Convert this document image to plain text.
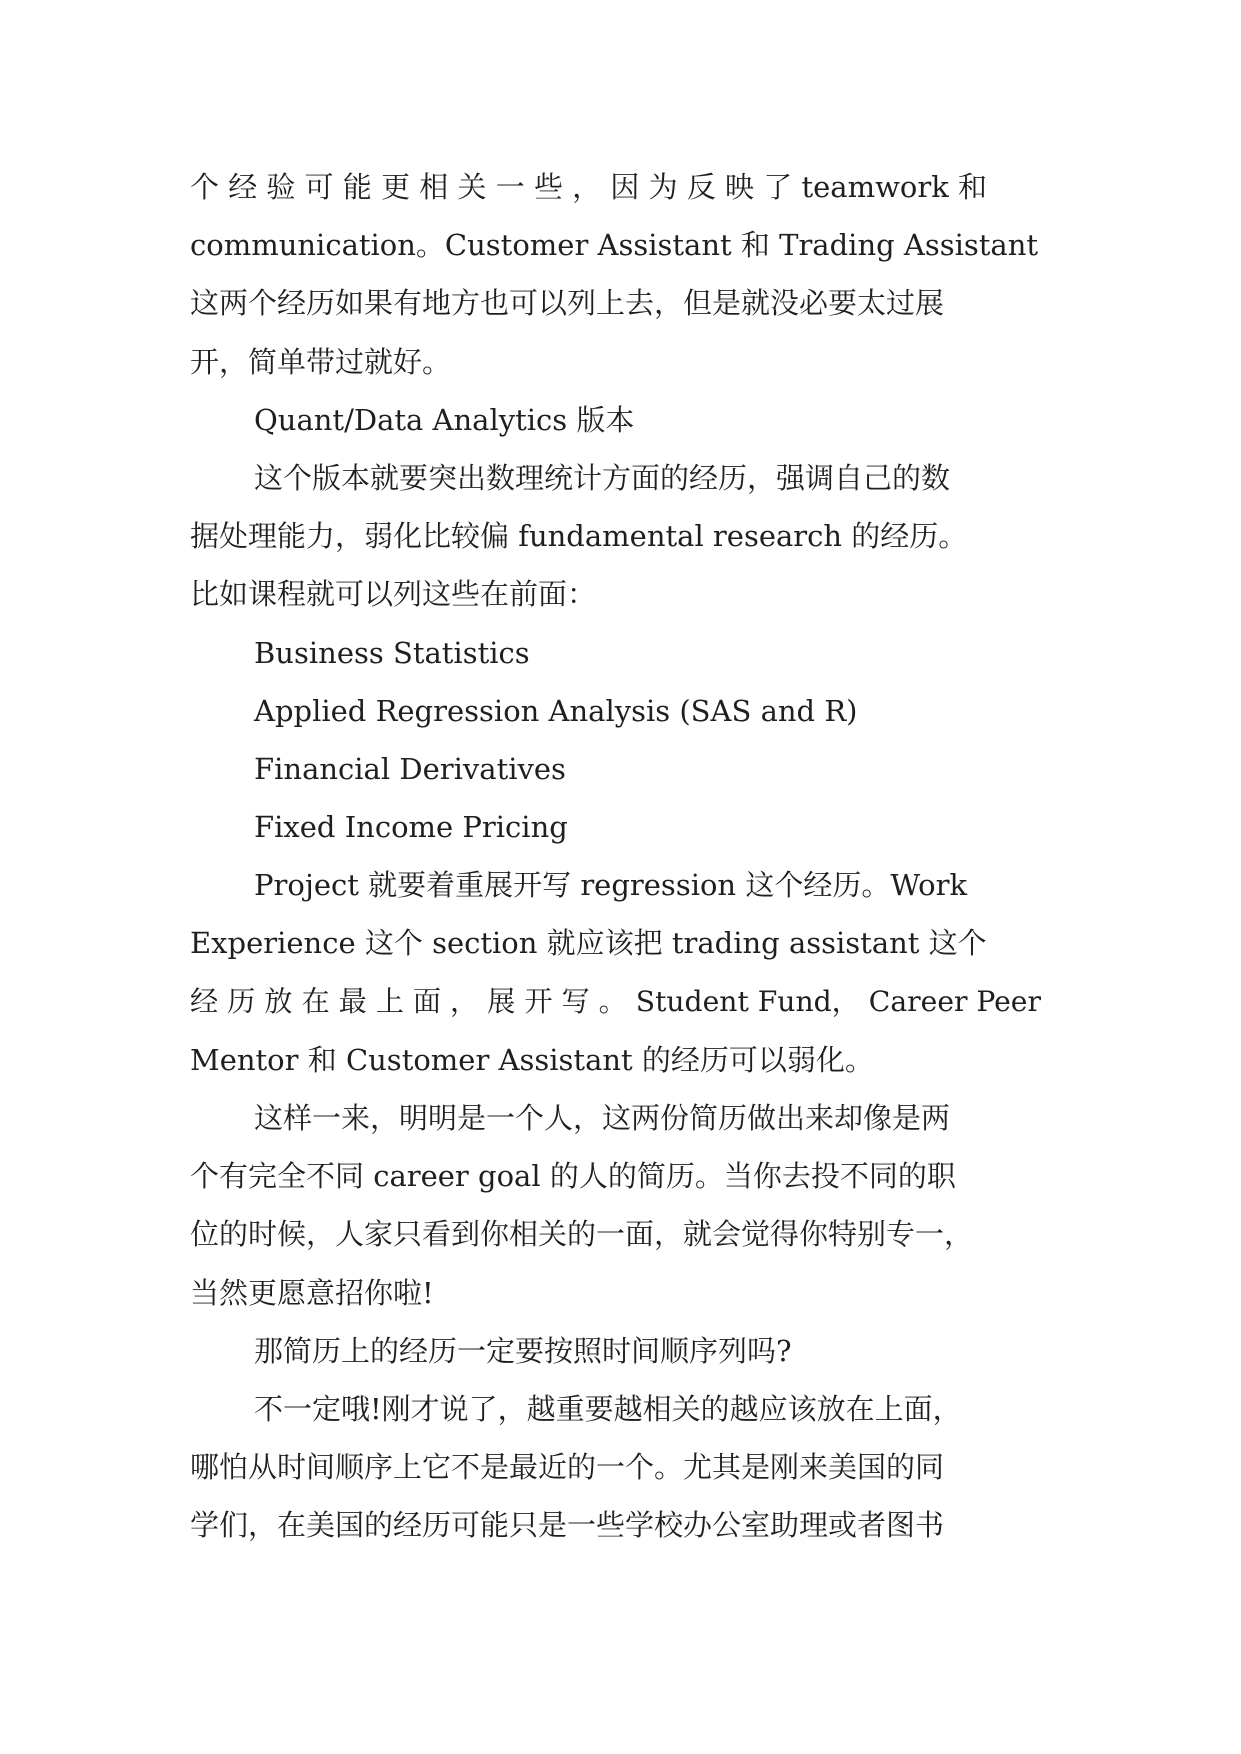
个 经 验 可 能 更 相 关 一 些 ， 因 为 反 映 了 teamwork 和
communication。Customer Assistant 和 Trading Assistant
这两个经历如果有地方也可以列上去，但是就没必要太过展
开，简单带过就好。
Quant/Data Analytics 版本
这个版本就要突出数理统计方面的经历，强调自己的数
据处理能力，弱化比较偏 fundamental research 的经历。
比如课程就可以列这些在前面：
Business Statistics
Applied Regression Analysis (SAS and R)
Financial Derivatives
Fixed Income Pricing
Project 就要着重展开写 regression 这个经历。Work
Experience 这个 section 就应该把 trading assistant 这个
经 历 放 在 最 上 面 ， 展 开 写 。 Student Fund， Career Peer
Mentor 和 Customer Assistant 的经历可以弱化。
这样一来，明明是一个人，这两份简历做出来却像是两
个有完全不同 career goal 的人的简历。当你去投不同的职
位的时候，人家只看到你相关的一面，就会觉得你特别专一，
当然更愿意招你啦!
那简历上的经历一定要按照时间顺序列吗?
不一定哦!刚才说了，越重要越相关的越应该放在上面，
哪怕从时间顺序上它不是最近的一个。尤其是刚来美国的同
学们，在美国的经历可能只是一些学校办公室助理或者图书
